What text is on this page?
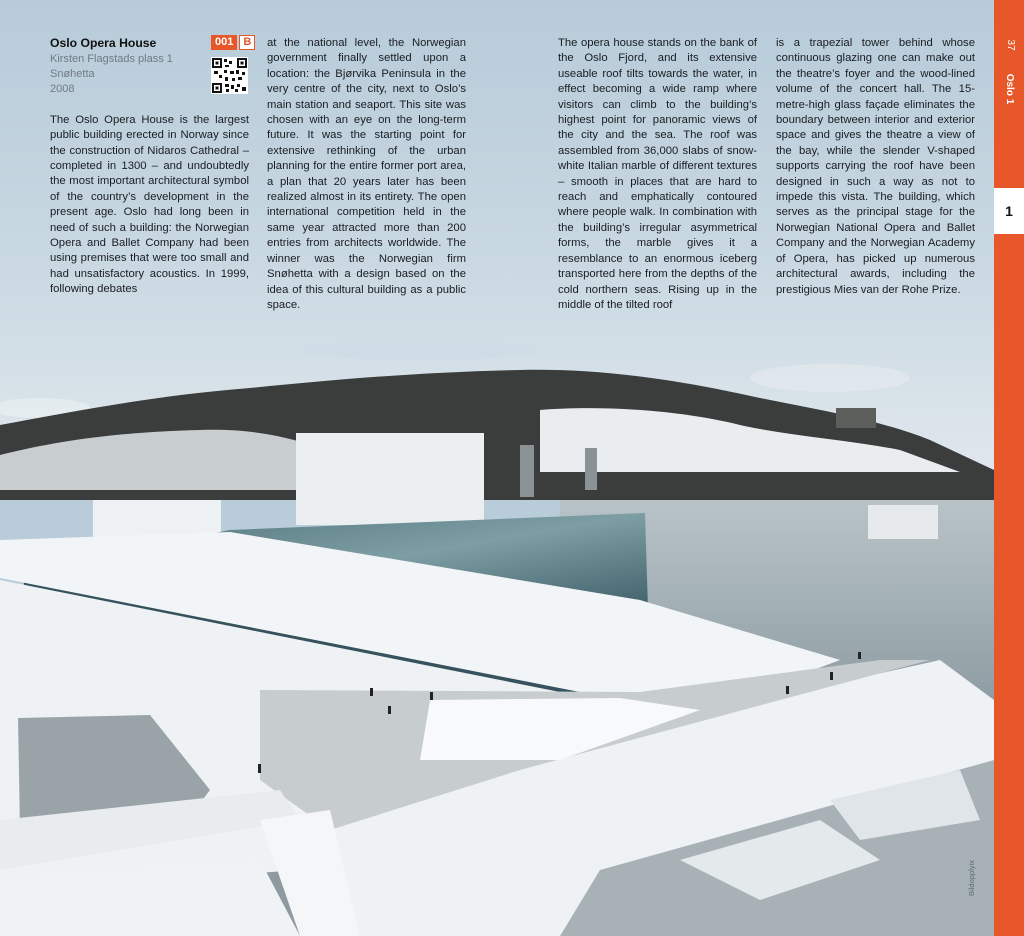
Oslo Opera House
Kirsten Flagstads plass 1
Snøhetta
2008

The Oslo Opera House is the largest public building erected in Norway since the construction of Nidaros Cathedral – completed in 1300 – and undoubtedly the most important architectural symbol of the country’s development in the present age. Oslo had long been in need of such a building: the Norwegian Opera and Ballet Company had been using premises that were too small and had unsatisfactory acoustics. In 1999, following debates

001 B	at the national level, the Norwegian government finally settled upon a location: the Bjørvika Peninsula in the very centre of the city, next to Oslo’s main station and seaport. This site was chosen with an eye on the long-term future. It was the starting point for extensive rethinking of the urban planning for the entire former port area, a plan that 20 years later has been realized almost in its entirety. The open international competition held in the same year attracted more than 200 entries from architects worldwide. The winner was the Norwegian firm Snøhetta with a design based on the idea of this cultural building as a public space.

The opera house stands on the bank of the Oslo Fjord, and its extensive useable roof tilts towards the water, in effect becoming a wide ramp where visitors can climb to the building’s highest point for panoramic views of the city and the sea. The roof was assembled from 36,000 slabs of snow-white Italian marble of different textures – smooth in places that are hard to reach and emphatically contoured where people walk. In combination with the building’s irregular asymmetrical forms, the marble gives it a resemblance to an enormous iceberg transported here from the depths of the cold northern seas. Rising up in the middle of the tilted roof

is a trapezial tower behind whose continuous glazing one can make out the theatre’s foyer and the wood-lined volume of the concert hall. The 15-metre-high glass façade eliminates the boundary between interior and exterior space and gives the theatre a view of the bay, while the slender V-shaped supports carrying the roof have been designed in such a way as not to impede this vista. The building, which serves as the principal stage for the Norwegian National Opera and Ballet Company and the Norwegian Academy of Opera, has picked up numerous architectural awards, including the prestigious Mies van der Rohe Prize.

37
Oslo 1
1
Bildopplyix
